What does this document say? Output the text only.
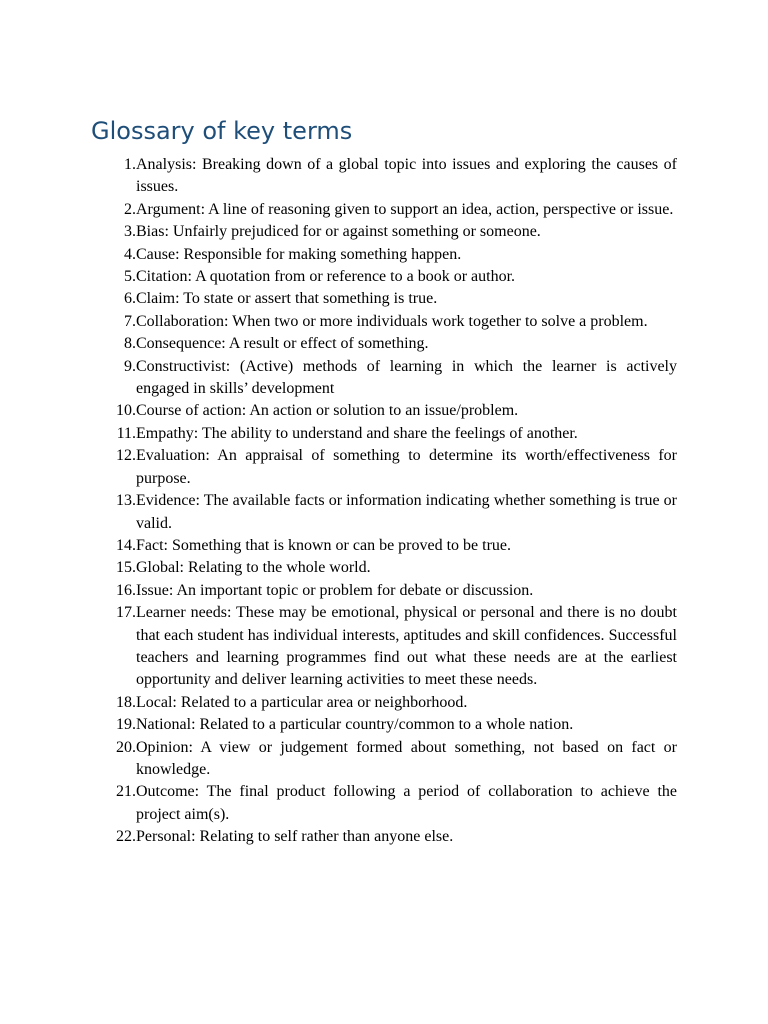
Glossary of key terms
1. Analysis: Breaking down of a global topic into issues and exploring the causes of issues.
2. Argument: A line of reasoning given to support an idea, action, perspective or issue.
3. Bias: Unfairly prejudiced for or against something or someone.
4. Cause: Responsible for making something happen.
5. Citation: A quotation from or reference to a book or author.
6. Claim: To state or assert that something is true.
7. Collaboration: When two or more individuals work together to solve a problem.
8. Consequence: A result or effect of something.
9. Constructivist: (Active) methods of learning in which the learner is actively engaged in skills’ development
10. Course of action: An action or solution to an issue/problem.
11. Empathy: The ability to understand and share the feelings of another.
12. Evaluation: An appraisal of something to determine its worth/effectiveness for purpose.
13. Evidence: The available facts or information indicating whether something is true or valid.
14. Fact: Something that is known or can be proved to be true.
15. Global: Relating to the whole world.
16. Issue: An important topic or problem for debate or discussion.
17. Learner needs: These may be emotional, physical or personal and there is no doubt that each student has individual interests, aptitudes and skill confidences. Successful teachers and learning programmes find out what these needs are at the earliest opportunity and deliver learning activities to meet these needs.
18. Local: Related to a particular area or neighborhood.
19. National: Related to a particular country/common to a whole nation.
20. Opinion: A view or judgement formed about something, not based on fact or knowledge.
21. Outcome: The final product following a period of collaboration to achieve the project aim(s).
22. Personal: Relating to self rather than anyone else.
